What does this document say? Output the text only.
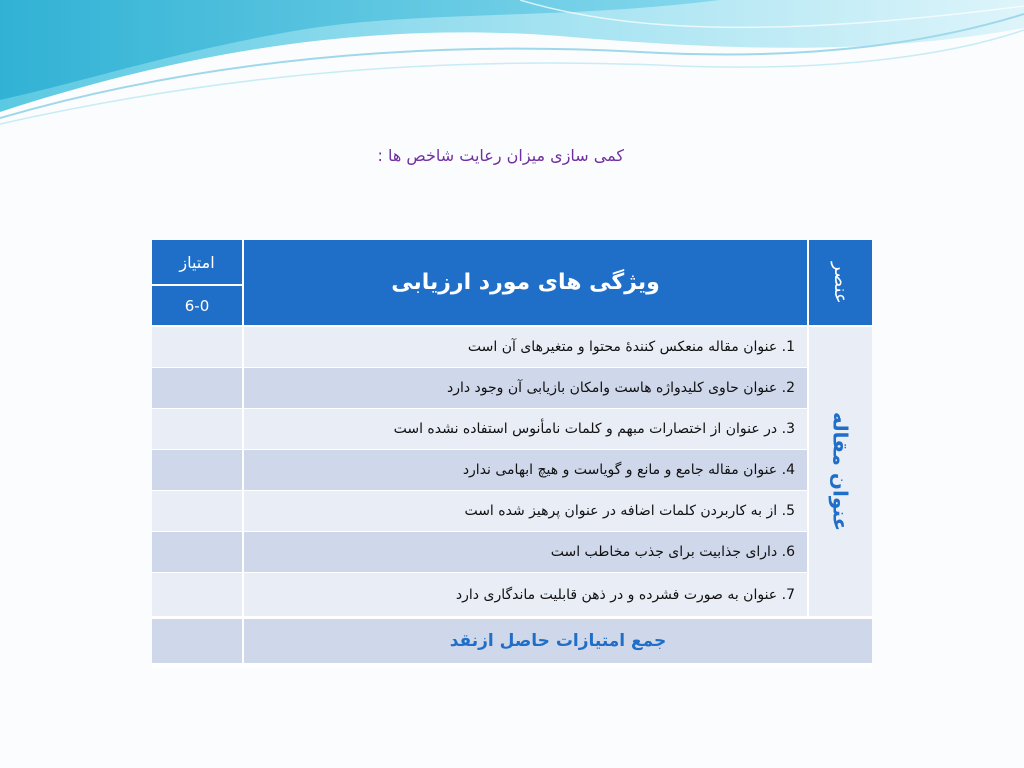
کمی سازی میزان رعایت شاخص ها :
عنصر
ویژگی های مورد ارزیابی
امتیاز
6-0
عنوان مقاله
1. عنوان مقاله منعکس کنندۀ محتوا و متغیرهای آن است
2. عنوان حاوی کلیدواژه هاست وامکان بازیابی آن وجود دارد
3. در عنوان از اختصارات مبهم و کلمات نامأنوس استفاده نشده است
4. عنوان مقاله جامع و مانع و گویاست و هیچ ابهامی ندارد
5. از به کاربردن کلمات اضافه در عنوان پرهیز شده است
6. دارای جذابیت برای جذب مخاطب است
7. عنوان به صورت فشرده و در ذهن قابلیت ماندگاری دارد
جمع امتیازات حاصل ازنقد
